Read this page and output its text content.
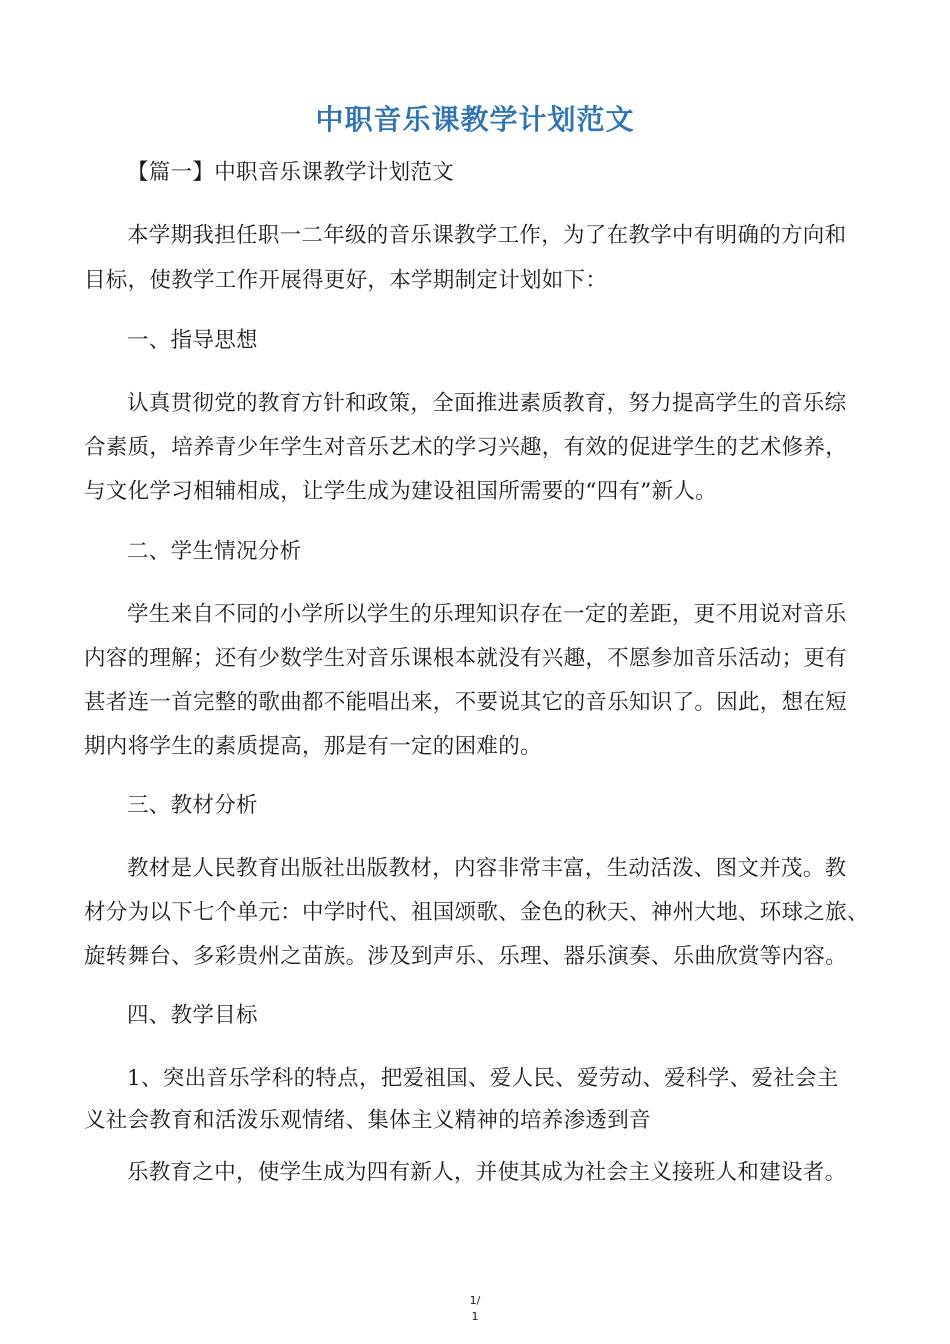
中职音乐课教学计划范文
【篇一】中职音乐课教学计划范文
本学期我担任职一二年级的音乐课教学工作，为了在教学中有明确的方向和
目标，使教学工作开展得更好，本学期制定计划如下：
一、指导思想
认真贯彻党的教育方针和政策，全面推进素质教育，努力提高学生的音乐综
合素质，培养青少年学生对音乐艺术的学习兴趣，有效的促进学生的艺术修养，
与文化学习相辅相成，让学生成为建设祖国所需要的“四有”新人。
二、学生情况分析
学生来自不同的小学所以学生的乐理知识存在一定的差距，更不用说对音乐
内容的理解；还有少数学生对音乐课根本就没有兴趣，不愿参加音乐活动；更有
甚者连一首完整的歌曲都不能唱出来，不要说其它的音乐知识了。因此，想在短
期内将学生的素质提高，那是有一定的困难的。
三、教材分析
教材是人民教育出版社出版教材，内容非常丰富，生动活泼、图文并茂。教
材分为以下七个单元：中学时代、祖国颂歌、金色的秋天、神州大地、环球之旅、
旋转舞台、多彩贵州之苗族。涉及到声乐、乐理、器乐演奏、乐曲欣赏等内容。
四、教学目标
1、突出音乐学科的特点，把爱祖国、爱人民、爱劳动、爱科学、爱社会主
义社会教育和活泼乐观情绪、集体主义精神的培养渗透到音
乐教育之中，使学生成为四有新人，并使其成为社会主义接班人和建设者。
1/
1
